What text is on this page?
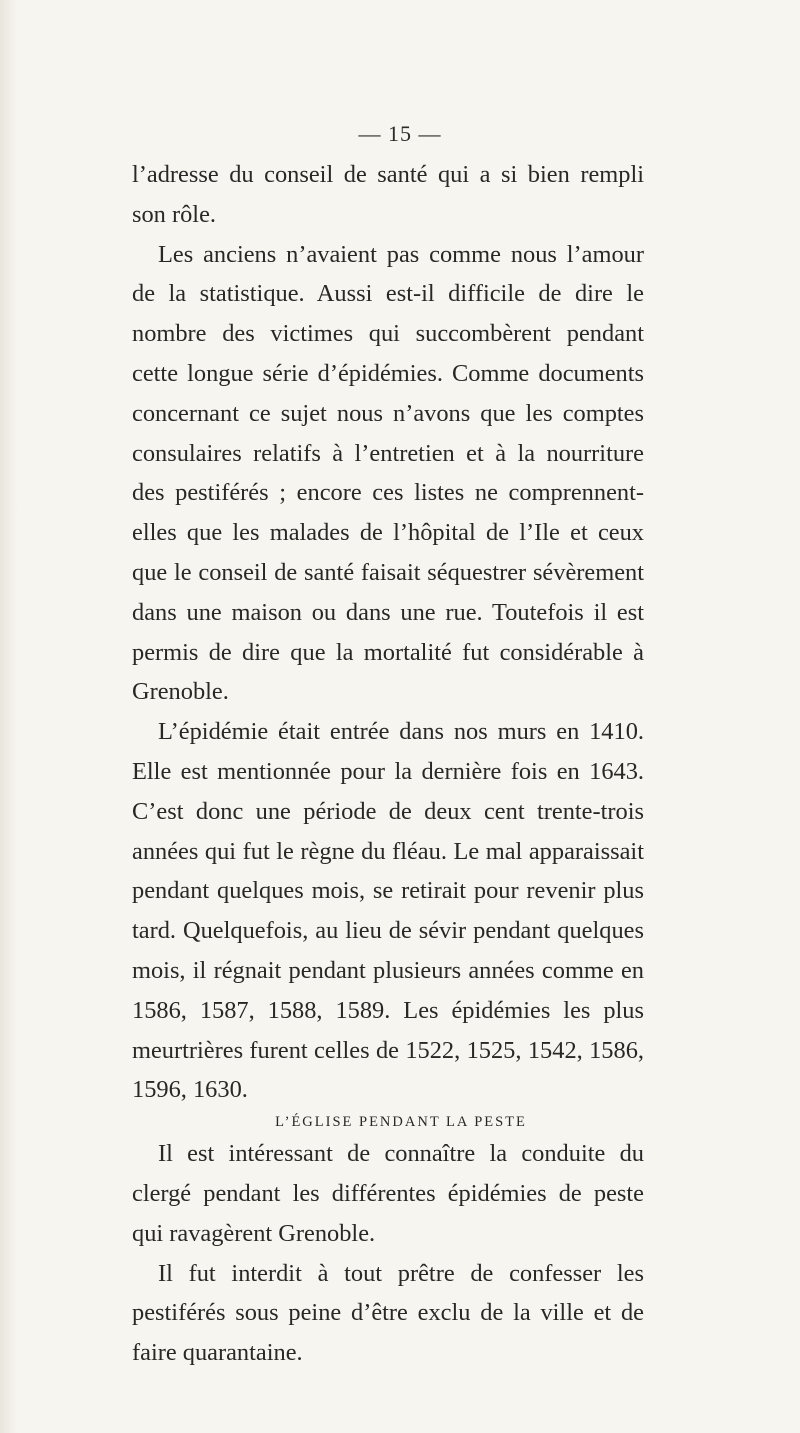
— 15 —

l’adresse du conseil de santé qui a si bien rempli son rôle.

Les anciens n’avaient pas comme nous l’amour de la statistique. Aussi est-il difficile de dire le nombre des victimes qui succombèrent pendant cette longue série d’épidémies. Comme documents concernant ce sujet nous n’avons que les comptes consulaires relatifs à l’entretien et à la nourriture des pestiférés ; encore ces listes ne comprennent-elles que les malades de l’hôpital de l’Ile et ceux que le conseil de santé faisait séquestrer sévèrement dans une maison ou dans une rue. Toutefois il est permis de dire que la mortalité fut considérable à Grenoble.

L’épidémie était entrée dans nos murs en 1410. Elle est mentionnée pour la dernière fois en 1643. C’est donc une période de deux cent trente-trois années qui fut le règne du fléau. Le mal apparaissait pendant quelques mois, se retirait pour revenir plus tard. Quelquefois, au lieu de sévir pendant quelques mois, il régnait pendant plusieurs années comme en 1586, 1587, 1588, 1589. Les épidémies les plus meurtrières furent celles de 1522, 1525, 1542, 1586, 1596, 1630.

L’ÉGLISE PENDANT LA PESTE

Il est intéressant de connaître la conduite du clergé pendant les différentes épidémies de peste qui ravagèrent Grenoble.

Il fut interdit à tout prêtre de confesser les pestiférés sous peine d’être exclu de la ville et de faire quarantaine.
